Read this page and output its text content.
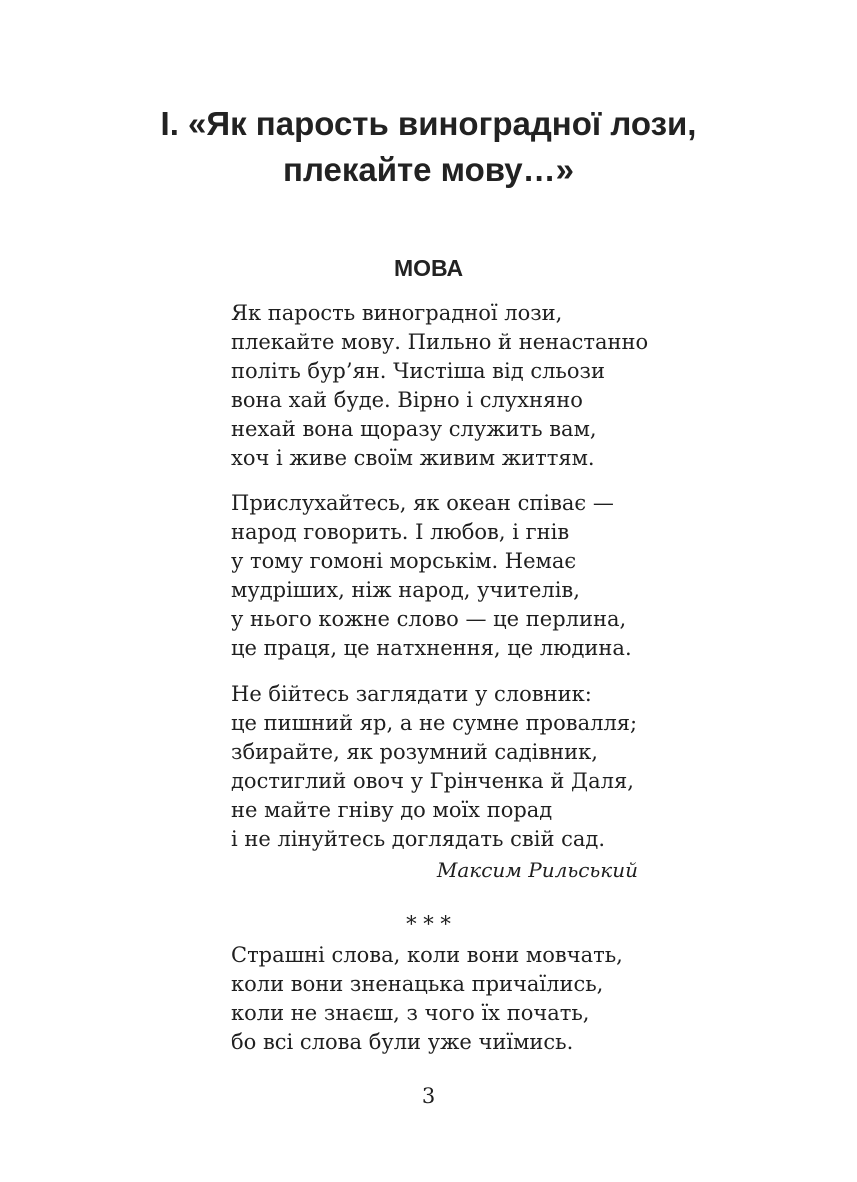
І. «Як парость виноградної лози,
плекайте мову…»
МОВА
Як парость виноградної лози,
плекайте мову. Пильно й ненастанно
політь бур’ян. Чистіша від сльози
вона хай буде. Вірно і слухняно
нехай вона щоразу служить вам,
хоч і живе своїм живим життям.
Прислухайтесь, як океан співає —
народ говорить. І любов, і гнів
у тому гомоні морськім. Немає
мудріших, ніж народ, учителів,
у нього кожне слово — це перлина,
це праця, це натхнення, це людина.
Не бійтесь заглядати у словник:
це пишний яр, а не сумне провалля;
збирайте, як розумний садівник,
достиглий овоч у Грінченка й Даля,
не майте гніву до моїх порад
і не лінуйтесь доглядать свій сад.
Максим Рильський
* * *
Страшні слова, коли вони мовчать,
коли вони зненацька причаїлись,
коли не знаєш, з чого їх почать,
бо всі слова були уже чиїмись.
3
